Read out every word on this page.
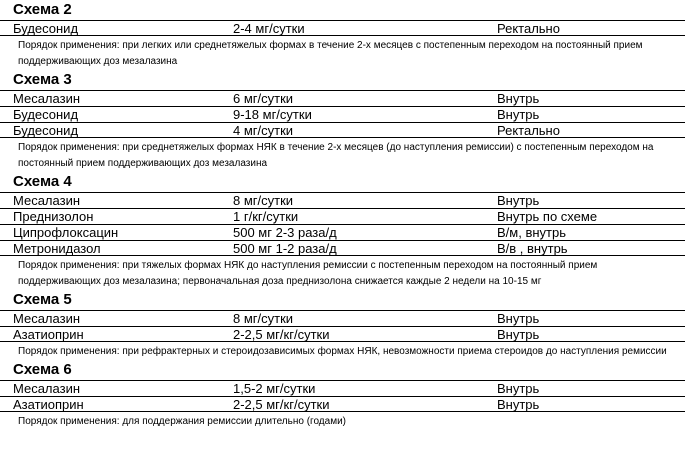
Схема 2
Будесонид	2-4 мг/сутки	Ректально
Порядок применения: при легких или среднетяжелых формах в течение 2-х месяцев с постепенным переходом на постоянный прием поддерживающих доз мезалазина
Схема 3
Месалазин	6 мг/сутки	Внутрь
Будесонид	9-18 мг/сутки	Внутрь
Будесонид	4 мг/сутки	Ректально
Порядок применения: при среднетяжелых формах НЯК в течение 2-х месяцев (до наступления ремиссии) с постепенным переходом на постоянный прием поддерживающих доз мезалазина
Схема 4
Месалазин	8 мг/сутки	Внутрь
Преднизолон	1 г/кг/сутки	Внутрь по схеме
Ципрофлоксацин	500 мг 2-3 раза/д	В/м, внутрь
Метронидазол	500 мг 1-2 раза/д	В/в , внутрь
Порядок применения: при тяжелых формах НЯК до наступления ремиссии с постепенным переходом на постоянный прием поддерживающих доз мезалазина; первоначальная доза преднизолона снижается каждые 2 недели на 10-15 мг
Схема 5
Месалазин	8 мг/сутки	Внутрь
Азатиоприн	2-2,5 мг/кг/сутки	Внутрь
Порядок применения: при рефрактерных и стероидозависимых формах НЯК, невозможности приема стероидов до наступления ремиссии
Схема 6
Месалазин	1,5-2 мг/сутки	Внутрь
Азатиоприн	2-2,5 мг/кг/сутки	Внутрь
Порядок применения: для поддержания ремиссии длительно (годами)
